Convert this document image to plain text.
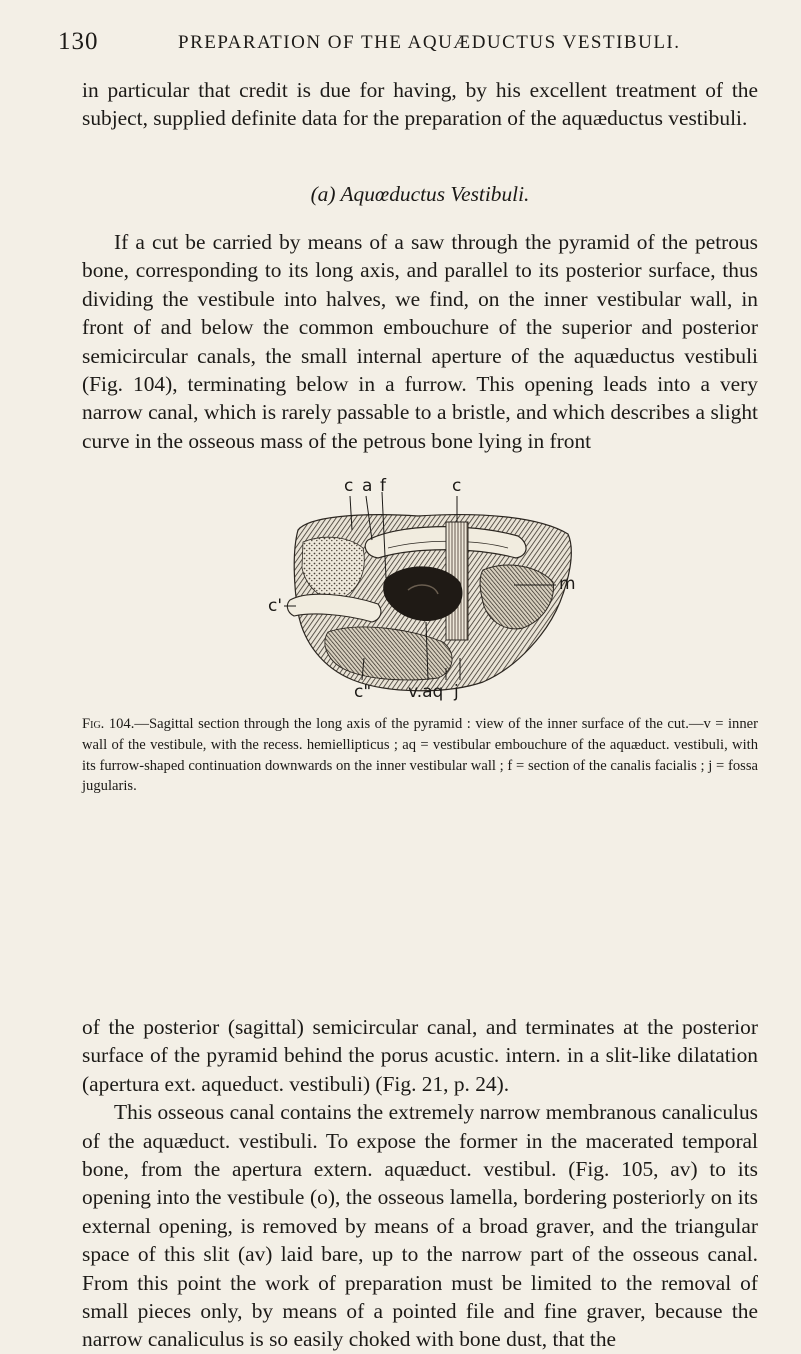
130	PREPARATION OF THE AQUÆDUCTUS VESTIBULI.

in particular that credit is due for having, by his excellent treatment of the subject, supplied definite data for the preparation of the aquæductus vestibuli.

(a) Aquœductus Vestibuli.

If a cut be carried by means of a saw through the pyramid of the petrous bone, corresponding to its long axis, and parallel to its posterior surface, thus dividing the vestibule into halves, we find, on the inner vestibular wall, in front of and below the common embouchure of the superior and posterior semicircular canals, the small internal aperture of the aquæductus vestibuli (Fig. 104), terminating below in a furrow. This opening leads into a very narrow canal, which is rarely passable to a bristle, and which describes a slight curve in the osseous mass of the petrous bone lying in front

c a f	c
m
c'
c" v.aq j
Fig. 104.—Sagittal section through the long axis of the pyramid : view of the inner surface of the cut.—v = inner wall of the vestibule, with the recess. hemiellipticus ; aq = vestibular embouchure of the aquæduct. vestibuli, with its furrow-shaped continuation downwards on the inner vestibular wall ; f = section of the canalis facialis ; j = fossa jugularis.

of the posterior (sagittal) semicircular canal, and terminates at the posterior surface of the pyramid behind the porus acustic. intern. in a slit-like dilatation (apertura ext. aqueduct. vestibuli) (Fig. 21, p. 24).

This osseous canal contains the extremely narrow membranous canaliculus of the aquæduct. vestibuli. To expose the former in the macerated temporal bone, from the apertura extern. aquæduct. vestibul. (Fig. 105, av) to its opening into the vestibule (o), the osseous lamella, bordering posteriorly on its external opening, is removed by means of a broad graver, and the triangular space of this slit (av) laid bare, up to the narrow part of the osseous canal. From this point the work of preparation must be limited to the removal of small pieces only, by means of a pointed file and fine graver, because the narrow canaliculus is so easily choked with bone dust, that the
